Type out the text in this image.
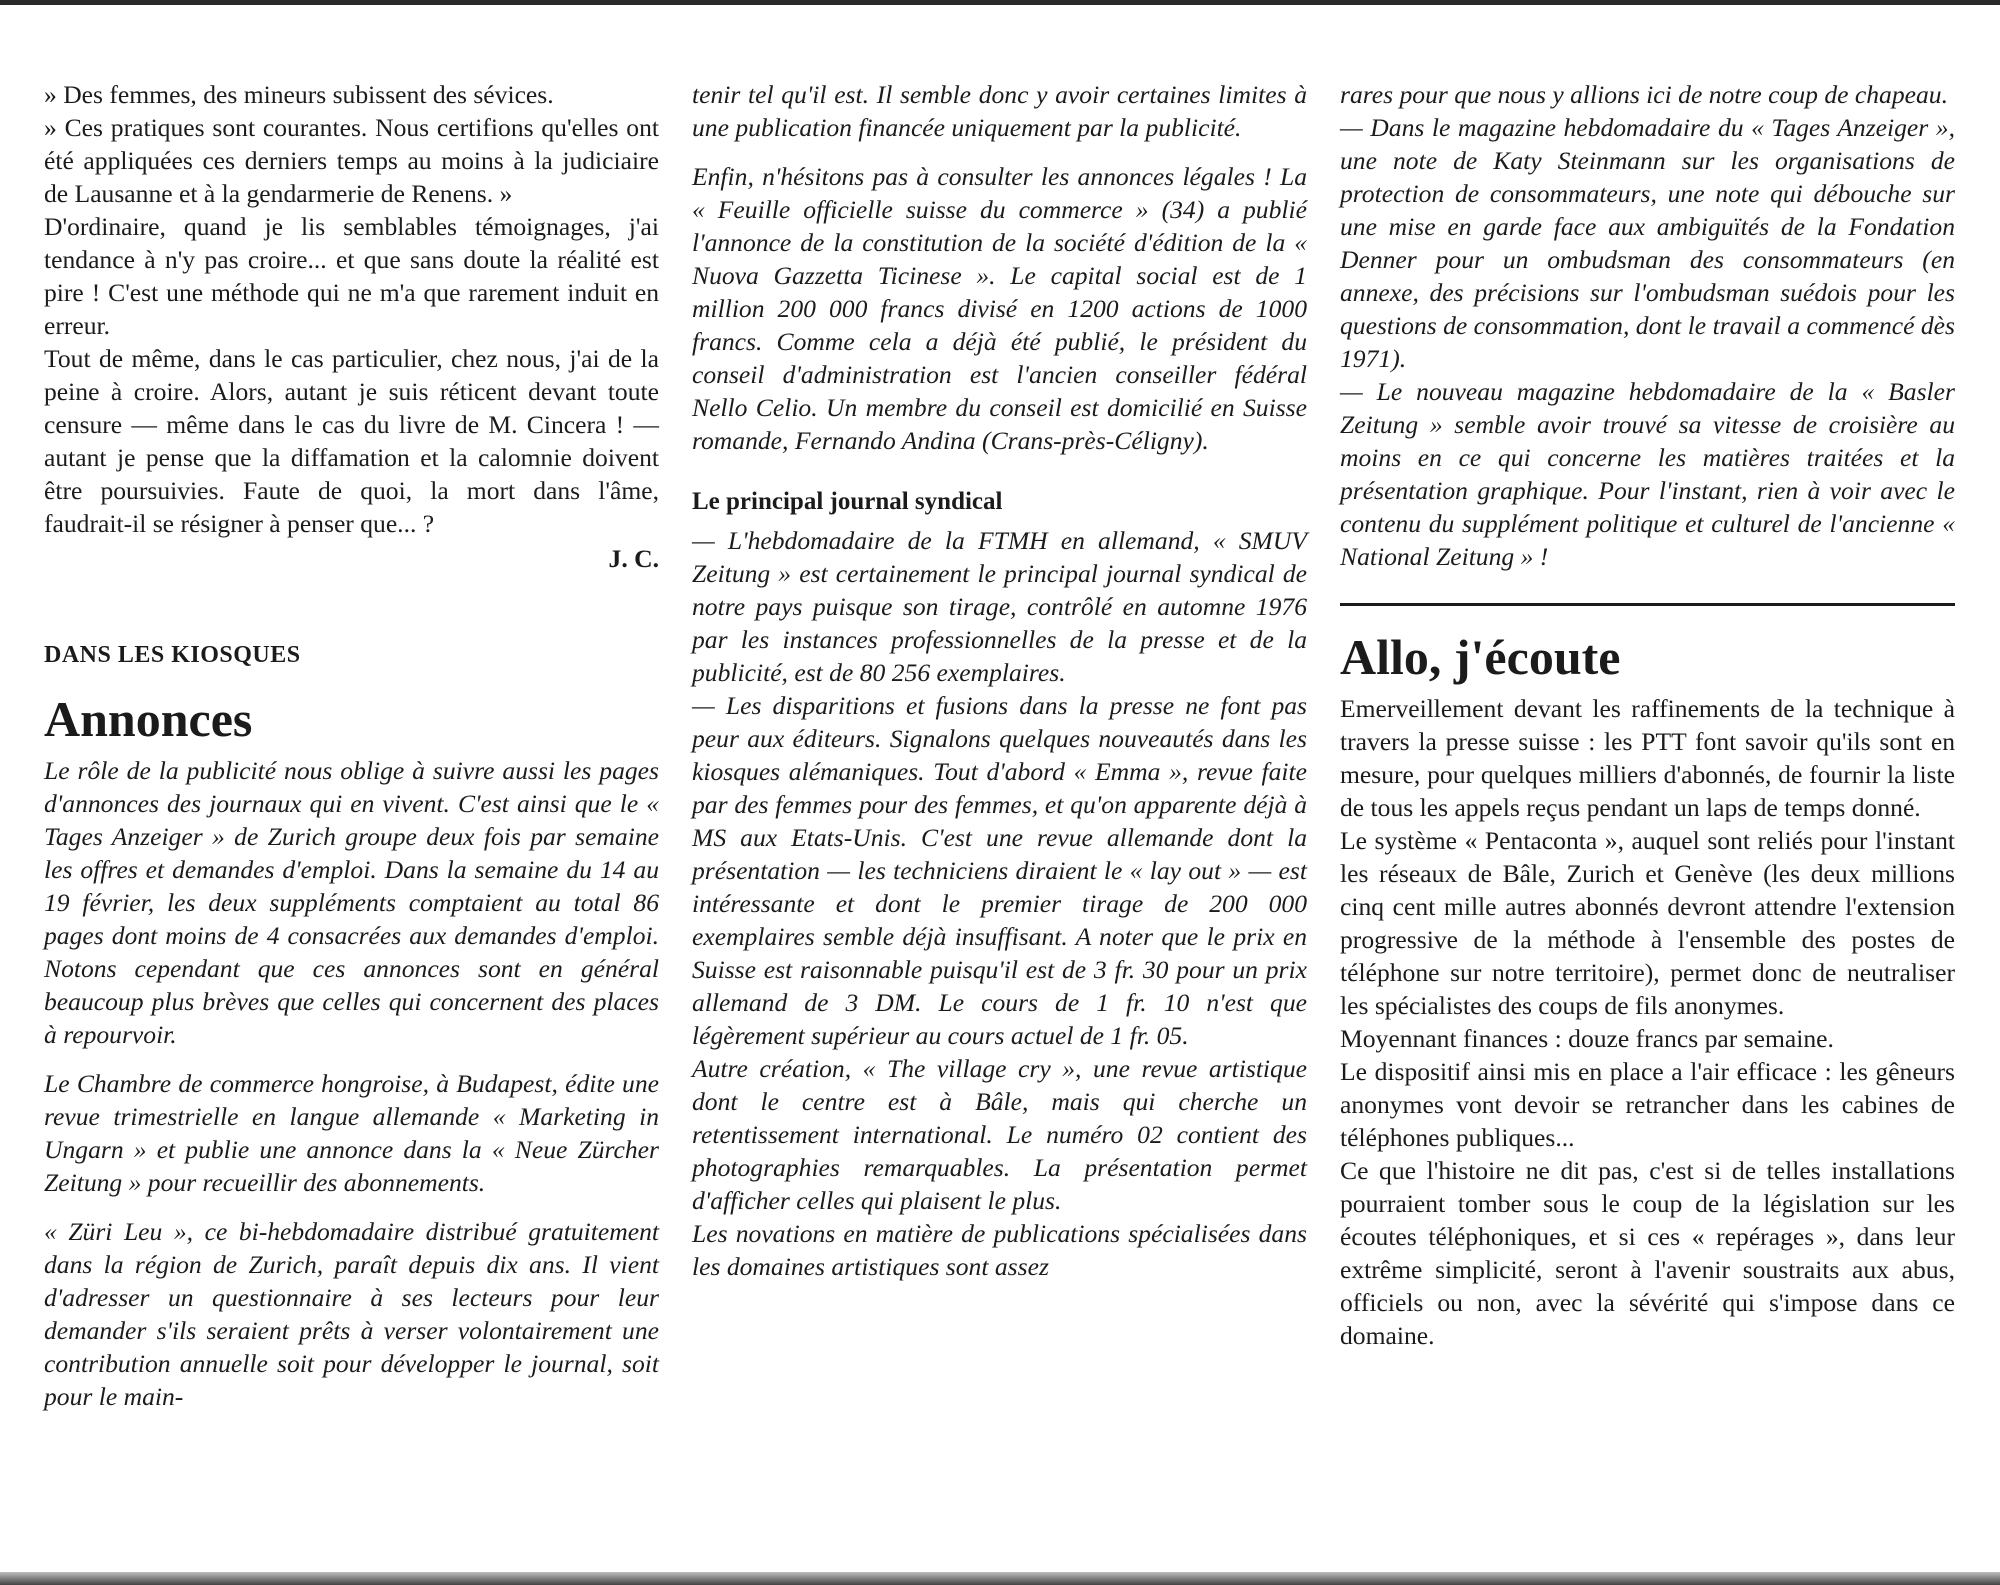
» Des femmes, des mineurs subissent des sévices.

» Ces pratiques sont courantes. Nous certifions qu'elles ont été appliquées ces derniers temps au moins à la judiciaire de Lausanne et à la gendarmerie de Renens. »

D'ordinaire, quand je lis semblables témoignages, j'ai tendance à n'y pas croire... et que sans doute la réalité est pire ! C'est une méthode qui ne m'a que rarement induit en erreur.

Tout de même, dans le cas particulier, chez nous, j'ai de la peine à croire. Alors, autant je suis réticent devant toute censure — même dans le cas du livre de M. Cincera ! — autant je pense que la diffamation et la calomnie doivent être poursuivies. Faute de quoi, la mort dans l'âme, faudrait-il se résigner à penser que... ?

J. C.
DANS LES KIOSQUES
Annonces

Le rôle de la publicité nous oblige à suivre aussi les pages d'annonces des journaux qui en vivent. C'est ainsi que le « Tages Anzeiger » de Zurich groupe deux fois par semaine les offres et demandes d'emploi. Dans la semaine du 14 au 19 février, les deux suppléments comptaient au total 86 pages dont moins de 4 consacrées aux demandes d'emploi. Notons cependant que ces annonces sont en général beaucoup plus brèves que celles qui concernent des places à repourvoir.

Le Chambre de commerce hongroise, à Budapest, édite une revue trimestrielle en langue allemande « Marketing in Ungarn » et publie une annonce dans la « Neue Zürcher Zeitung » pour recueillir des abonnements.

« Züri Leu », ce bi-hebdomadaire distribué gratuitement dans la région de Zurich, paraît depuis dix ans. Il vient d'adresser un questionnaire à ses lecteurs pour leur demander s'ils seraient prêts à verser volontairement une contribution annuelle soit pour développer le journal, soit pour le main-

tenir tel qu'il est. Il semble donc y avoir certaines limites à une publication financée uniquement par la publicité.

Enfin, n'hésitons pas à consulter les annonces légales ! La « Feuille officielle suisse du commerce » (34) a publié l'annonce de la constitution de la société d'édition de la « Nuova Gazzetta Ticinese ». Le capital social est de 1 million 200 000 francs divisé en 1200 actions de 1000 francs. Comme cela a déjà été publié, le président du conseil d'administration est l'ancien conseiller fédéral Nello Celio. Un membre du conseil est domicilié en Suisse romande, Fernando Andina (Crans-près-Céligny).

Le principal journal syndical

— L'hebdomadaire de la FTMH en allemand, « SMUV Zeitung » est certainement le principal journal syndical de notre pays puisque son tirage, contrôlé en automne 1976 par les instances professionnelles de la presse et de la publicité, est de 80 256 exemplaires.

— Les disparitions et fusions dans la presse ne font pas peur aux éditeurs. Signalons quelques nouveautés dans les kiosques alémaniques. Tout d'abord « Emma », revue faite par des femmes pour des femmes, et qu'on apparente déjà à MS aux Etats-Unis. C'est une revue allemande dont la présentation — les techniciens diraient le « lay out » — est intéressante et dont le premier tirage de 200 000 exemplaires semble déjà insuffisant. A noter que le prix en Suisse est raisonnable puisqu'il est de 3 fr. 30 pour un prix allemand de 3 DM. Le cours de 1 fr. 10 n'est que légèrement supérieur au cours actuel de 1 fr. 05.

Autre création, « The village cry », une revue artistique dont le centre est à Bâle, mais qui cherche un retentissement international. Le numéro 02 contient des photographies remarquables. La présentation permet d'afficher celles qui plaisent le plus.

Les novations en matière de publications spécialisées dans les domaines artistiques sont assez

rares pour que nous y allions ici de notre coup de chapeau.

— Dans le magazine hebdomadaire du « Tages Anzeiger », une note de Katy Steinmann sur les organisations de protection de consommateurs, une note qui débouche sur une mise en garde face aux ambiguïtés de la Fondation Denner pour un ombudsman des consommateurs (en annexe, des précisions sur l'ombudsman suédois pour les questions de consommation, dont le travail a commencé dès 1971).

— Le nouveau magazine hebdomadaire de la « Basler Zeitung » semble avoir trouvé sa vitesse de croisière au moins en ce qui concerne les matières traitées et la présentation graphique. Pour l'instant, rien à voir avec le contenu du supplément politique et culturel de l'ancienne « National Zeitung » !

Allo, j'écoute

Emerveillement devant les raffinements de la technique à travers la presse suisse : les PTT font savoir qu'ils sont en mesure, pour quelques milliers d'abonnés, de fournir la liste de tous les appels reçus pendant un laps de temps donné.

Le système « Pentaconta », auquel sont reliés pour l'instant les réseaux de Bâle, Zurich et Genève (les deux millions cinq cent mille autres abonnés devront attendre l'extension progressive de la méthode à l'ensemble des postes de téléphone sur notre territoire), permet donc de neutraliser les spécialistes des coups de fils anonymes.

Moyennant finances : douze francs par semaine.

Le dispositif ainsi mis en place a l'air efficace : les gêneurs anonymes vont devoir se retrancher dans les cabines de téléphones publiques...

Ce que l'histoire ne dit pas, c'est si de telles installations pourraient tomber sous le coup de la législation sur les écoutes téléphoniques, et si ces « repérages », dans leur extrême simplicité, seront à l'avenir soustraits aux abus, officiels ou non, avec la sévérité qui s'impose dans ce domaine.
